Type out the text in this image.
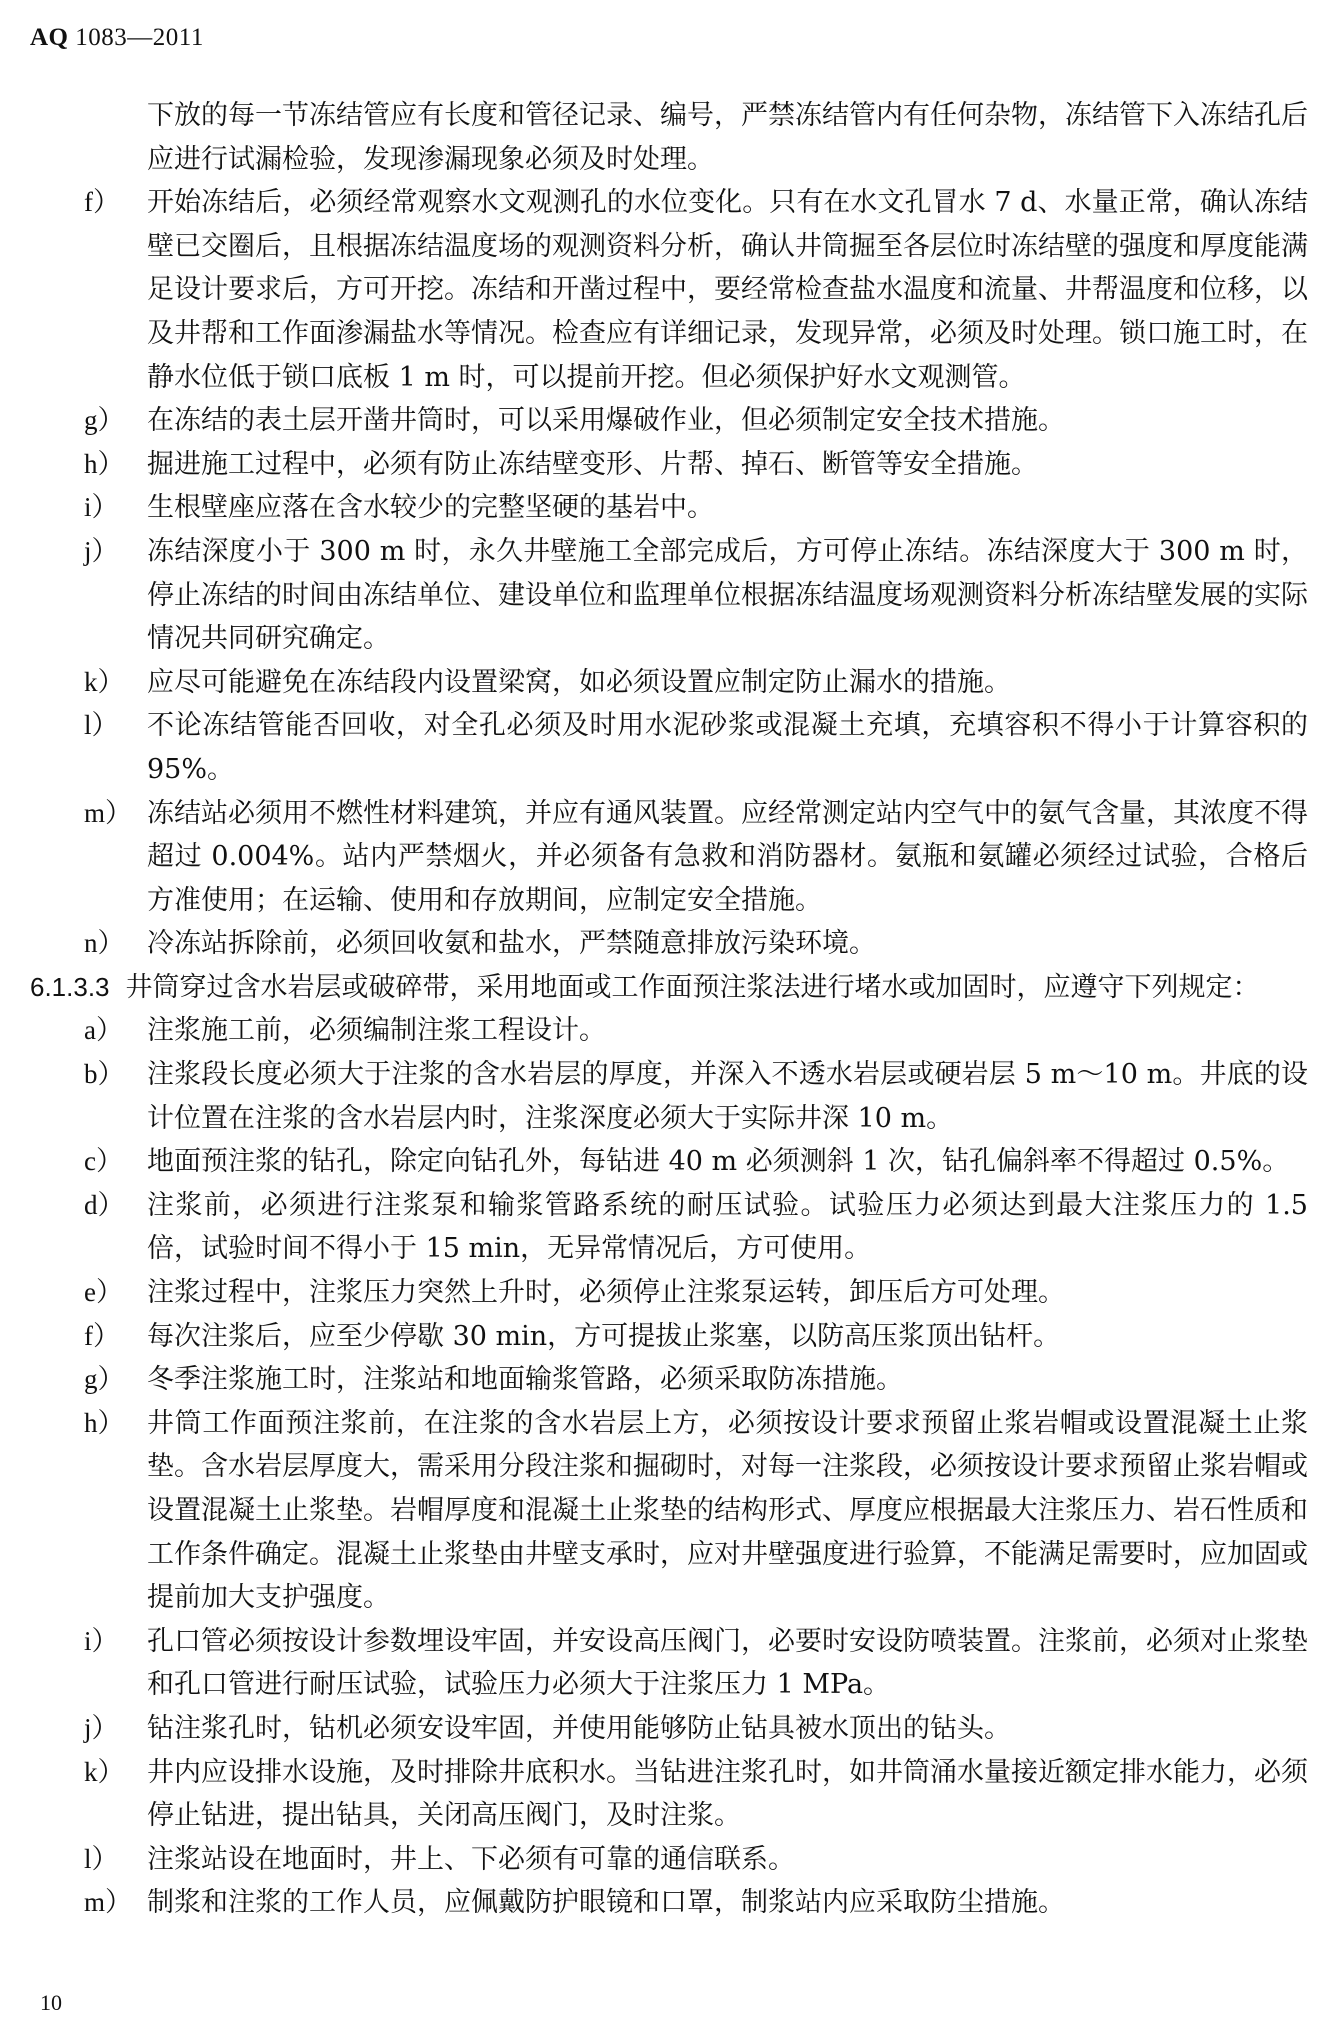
AQ 1083—2011
下放的每一节冻结管应有长度和管径记录、编号，严禁冻结管内有任何杂物，冻结管下入冻结孔后应进行试漏检验，发现渗漏现象必须及时处理。
f）	开始冻结后，必须经常观察水文观测孔的水位变化。只有在水文孔冒水 7 d、水量正常，确认冻结壁已交圈后，且根据冻结温度场的观测资料分析，确认井筒掘至各层位时冻结壁的强度和厚度能满足设计要求后，方可开挖。冻结和开凿过程中，要经常检查盐水温度和流量、井帮温度和位移，以及井帮和工作面渗漏盐水等情况。检查应有详细记录，发现异常，必须及时处理。锁口施工时，在静水位低于锁口底板 1 m 时，可以提前开挖。但必须保护好水文观测管。
g） 在冻结的表土层开凿井筒时，可以采用爆破作业，但必须制定安全技术措施。
h） 掘进施工过程中，必须有防止冻结壁变形、片帮、掉石、断管等安全措施。
i）	生根壁座应落在含水较少的完整坚硬的基岩中。
j）	冻结深度小于 300 m 时，永久井壁施工全部完成后，方可停止冻结。冻结深度大于 300 m 时，停止冻结的时间由冻结单位、建设单位和监理单位根据冻结温度场观测资料分析冻结壁发展的实际情况共同研究确定。
k） 应尽可能避免在冻结段内设置梁窝，如必须设置应制定防止漏水的措施。
l）	不论冻结管能否回收，对全孔必须及时用水泥砂浆或混凝土充填，充填容积不得小于计算容积的 95%。
m） 冻结站必须用不燃性材料建筑，并应有通风装置。应经常测定站内空气中的氨气含量，其浓度不得超过 0.004%。站内严禁烟火，并必须备有急救和消防器材。氨瓶和氨罐必须经过试验，合格后方准使用；在运输、使用和存放期间，应制定安全措施。
n） 冷冻站拆除前，必须回收氨和盐水，严禁随意排放污染环境。
6.1.3.3 井筒穿过含水岩层或破碎带，采用地面或工作面预注浆法进行堵水或加固时，应遵守下列规定：
a） 注浆施工前，必须编制注浆工程设计。
b） 注浆段长度必须大于注浆的含水岩层的厚度，并深入不透水岩层或硬岩层 5 m～10 m。井底的设计位置在注浆的含水岩层内时，注浆深度必须大于实际井深 10 m。
c） 地面预注浆的钻孔，除定向钻孔外，每钻进 40 m 必须测斜 1 次，钻孔偏斜率不得超过 0.5%。
d） 注浆前，必须进行注浆泵和输浆管路系统的耐压试验。试验压力必须达到最大注浆压力的 1.5 倍，试验时间不得小于 15 min，无异常情况后，方可使用。
e） 注浆过程中，注浆压力突然上升时，必须停止注浆泵运转，卸压后方可处理。
f）	每次注浆后，应至少停歇 30 min，方可提拔止浆塞，以防高压浆顶出钻杆。
g） 冬季注浆施工时，注浆站和地面输浆管路，必须采取防冻措施。
h） 井筒工作面预注浆前，在注浆的含水岩层上方，必须按设计要求预留止浆岩帽或设置混凝土止浆垫。含水岩层厚度大，需采用分段注浆和掘砌时，对每一注浆段，必须按设计要求预留止浆岩帽或设置混凝土止浆垫。岩帽厚度和混凝土止浆垫的结构形式、厚度应根据最大注浆压力、岩石性质和工作条件确定。混凝土止浆垫由井壁支承时，应对井壁强度进行验算，不能满足需要时，应加固或提前加大支护强度。
i）	孔口管必须按设计参数埋设牢固，并安设高压阀门，必要时安设防喷装置。注浆前，必须对止浆垫和孔口管进行耐压试验，试验压力必须大于注浆压力 1 MPa。
j）	钻注浆孔时，钻机必须安设牢固，并使用能够防止钻具被水顶出的钻头。
k） 井内应设排水设施，及时排除井底积水。当钻进注浆孔时，如井筒涌水量接近额定排水能力，必须停止钻进，提出钻具，关闭高压阀门，及时注浆。
l）	注浆站设在地面时，井上、下必须有可靠的通信联系。
m） 制浆和注浆的工作人员，应佩戴防护眼镜和口罩，制浆站内应采取防尘措施。
10
